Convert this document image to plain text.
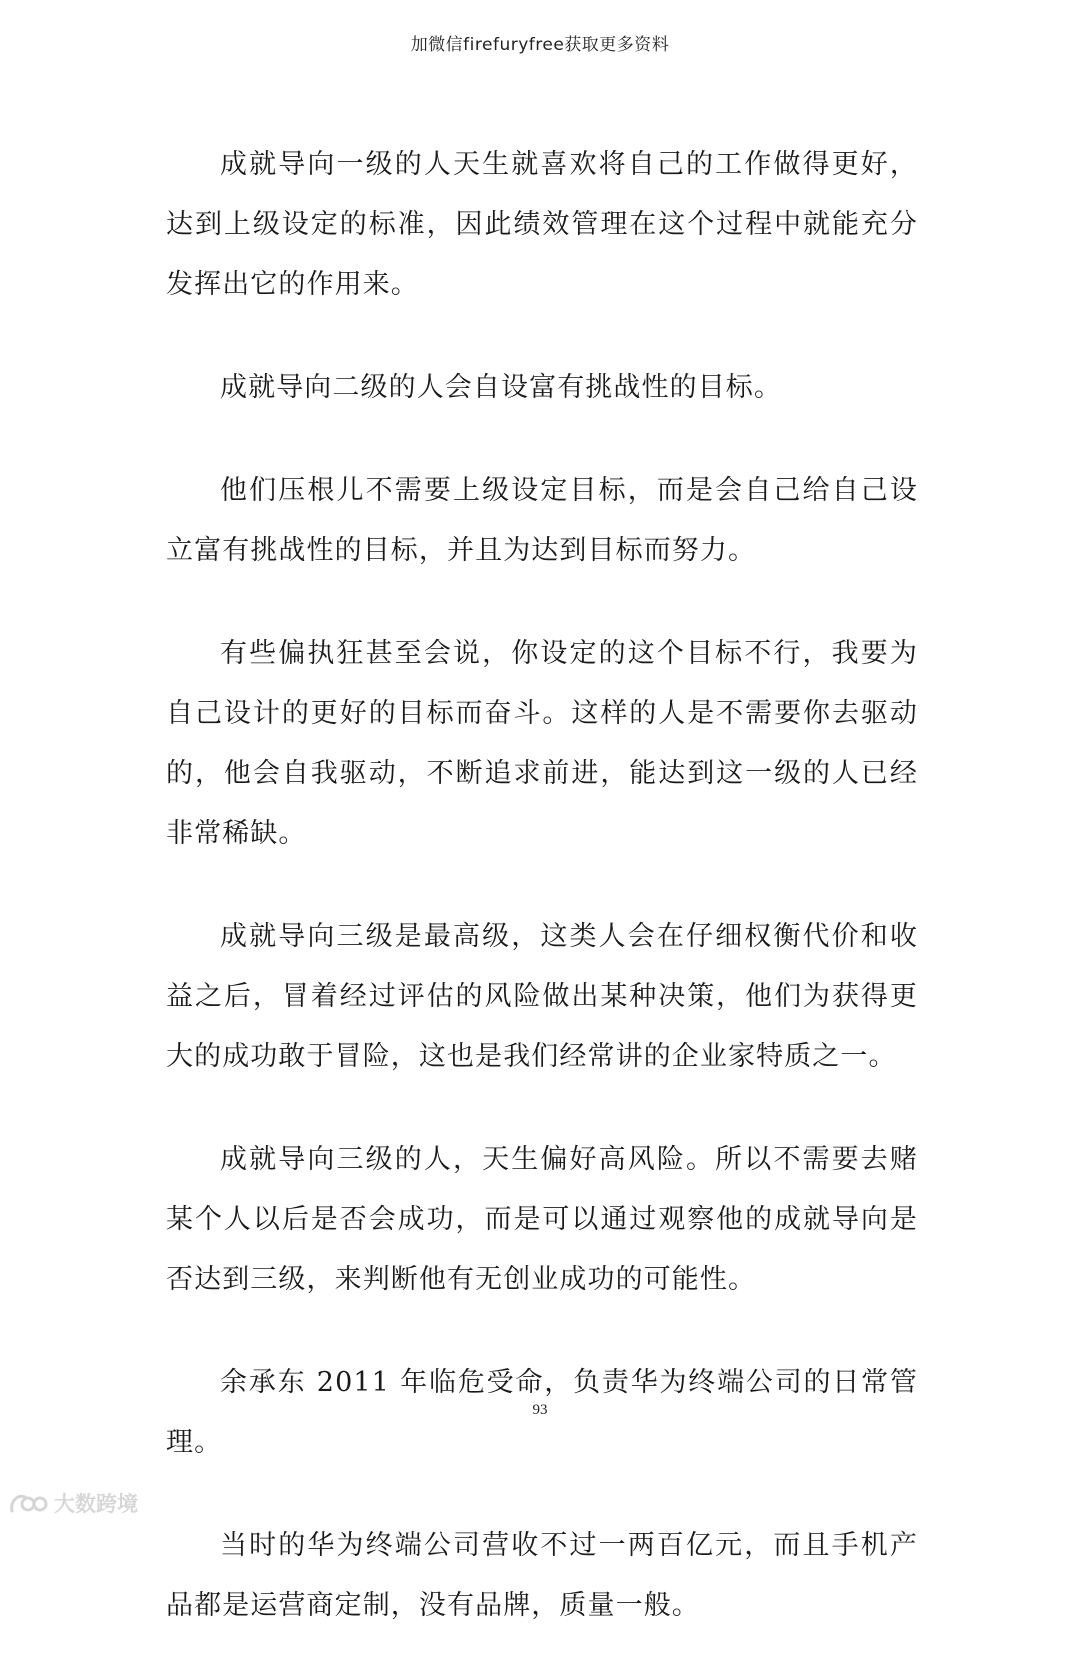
加微信firefuryfree获取更多资料

成就导向一级的人天生就喜欢将自己的工作做得更好，达到上级设定的标准，因此绩效管理在这个过程中就能充分发挥出它的作用来。

成就导向二级的人会自设富有挑战性的目标。

他们压根儿不需要上级设定目标，而是会自己给自己设立富有挑战性的目标，并且为达到目标而努力。

有些偏执狂甚至会说，你设定的这个目标不行，我要为自己设计的更好的目标而奋斗。这样的人是不需要你去驱动的，他会自我驱动，不断追求前进，能达到这一级的人已经非常稀缺。

成就导向三级是最高级，这类人会在仔细权衡代价和收益之后，冒着经过评估的风险做出某种决策，他们为获得更大的成功敢于冒险，这也是我们经常讲的企业家特质之一。

成就导向三级的人，天生偏好高风险。所以不需要去赌某个人以后是否会成功，而是可以通过观察他的成就导向是否达到三级，来判断他有无创业成功的可能性。

余承东 2011 年临危受命，负责华为终端公司的日常管理。

当时的华为终端公司营收不过一两百亿元，而且手机产品都是运营商定制，没有品牌，质量一般。

93
大数跨境
